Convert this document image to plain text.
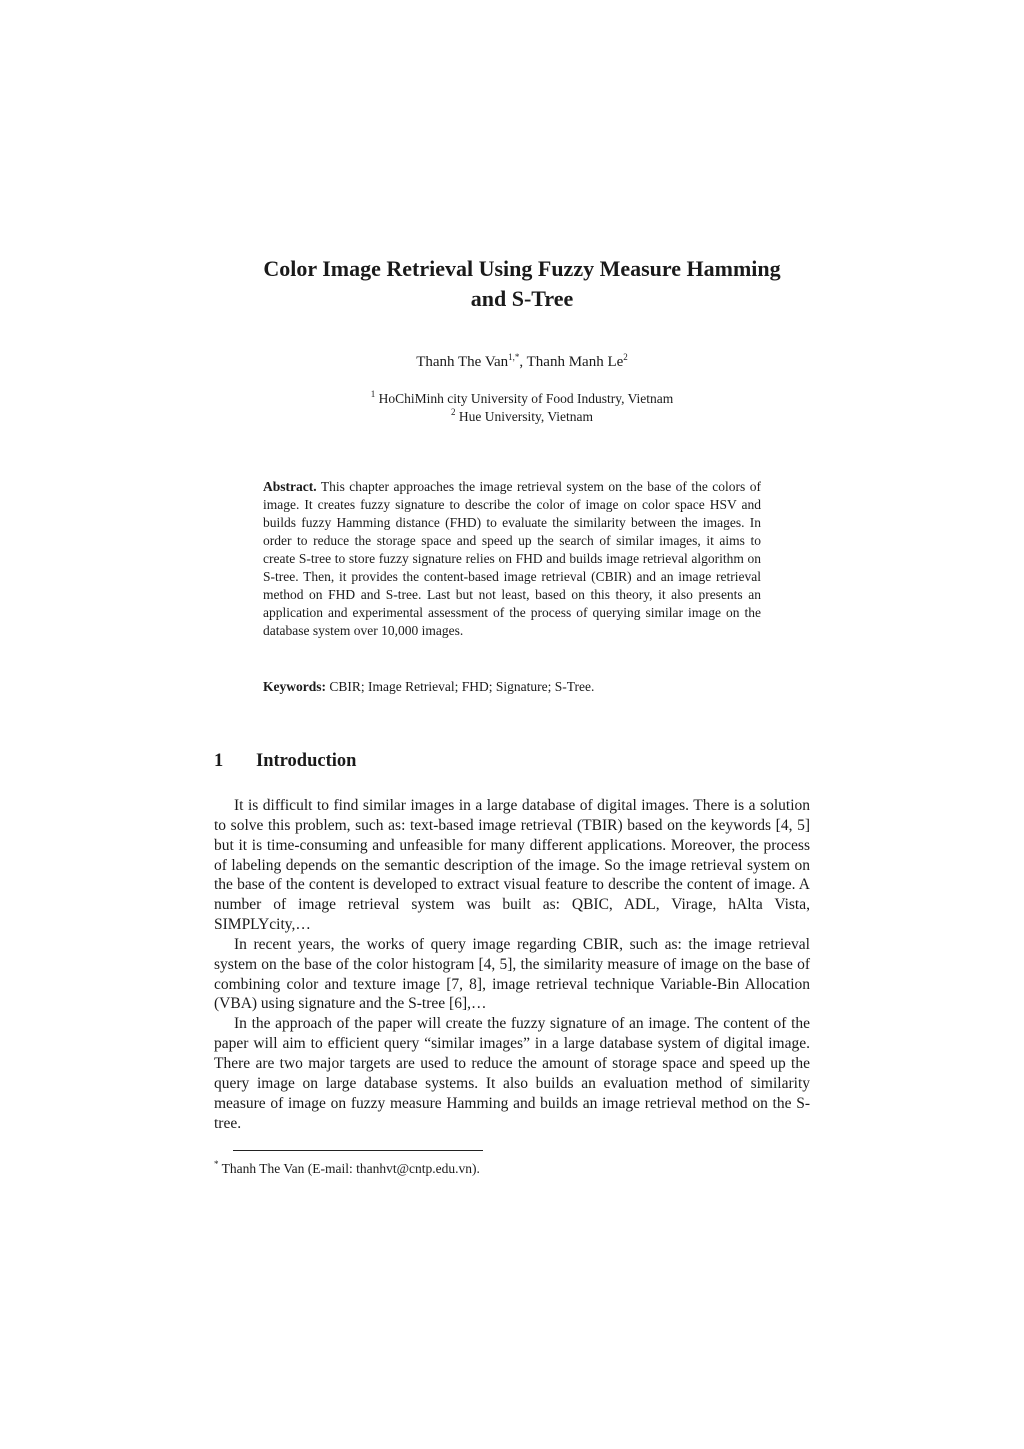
Color Image Retrieval Using Fuzzy Measure Hamming
and S-Tree
Thanh The Van$^{1,*}$, Thanh Manh Le$^2$
$^1$ HoChiMinh city University of Food Industry, Vietnam
$^2$ Hue University, Vietnam

Abstract. This chapter approaches the image retrieval system on the base of the colors of image. It creates fuzzy signature to describe the color of image on color space HSV and builds fuzzy Hamming distance (FHD) to evaluate the similarity between the images. In order to reduce the storage space and speed up the search of similar images, it aims to create S-tree to store fuzzy signature relies on FHD and builds image retrieval algorithm on S-tree. Then, it provides the content-based image retrieval (CBIR) and an image retrieval method on FHD and S-tree. Last but not least, based on this theory, it also presents an application and experimental assessment of the process of querying similar image on the database system over 10,000 images.

Keywords: CBIR; Image Retrieval; FHD; Signature; S-Tree.

1 Introduction

It is difficult to find similar images in a large database of digital images. There is a solution to solve this problem, such as: text-based image retrieval (TBIR) based on the keywords [4, 5] but it is time-consuming and unfeasible for many different applications. Moreover, the process of labeling depends on the semantic description of the image. So the image retrieval system on the base of the content is developed to extract visual feature to describe the content of image. A number of image retrieval system was built as: QBIC, ADL, Virage, hAlta Vista, SIMPLYcity,…

In recent years, the works of query image regarding CBIR, such as: the image retrieval system on the base of the color histogram [4, 5], the similarity measure of image on the base of combining color and texture image [7, 8], image retrieval technique Variable-Bin Allocation (VBA) using signature and the S-tree [6],…

In the approach of the paper will create the fuzzy signature of an image. The content of the paper will aim to efficient query “similar images” in a large database system of digital image. There are two major targets are used to reduce the amount of storage space and speed up the query image on large database systems. It also builds an evaluation method of similarity measure of image on fuzzy measure Hamming and builds an image retrieval method on the S-tree.

* Thanh The Van (E-mail: thanhvt@cntp.edu.vn).
